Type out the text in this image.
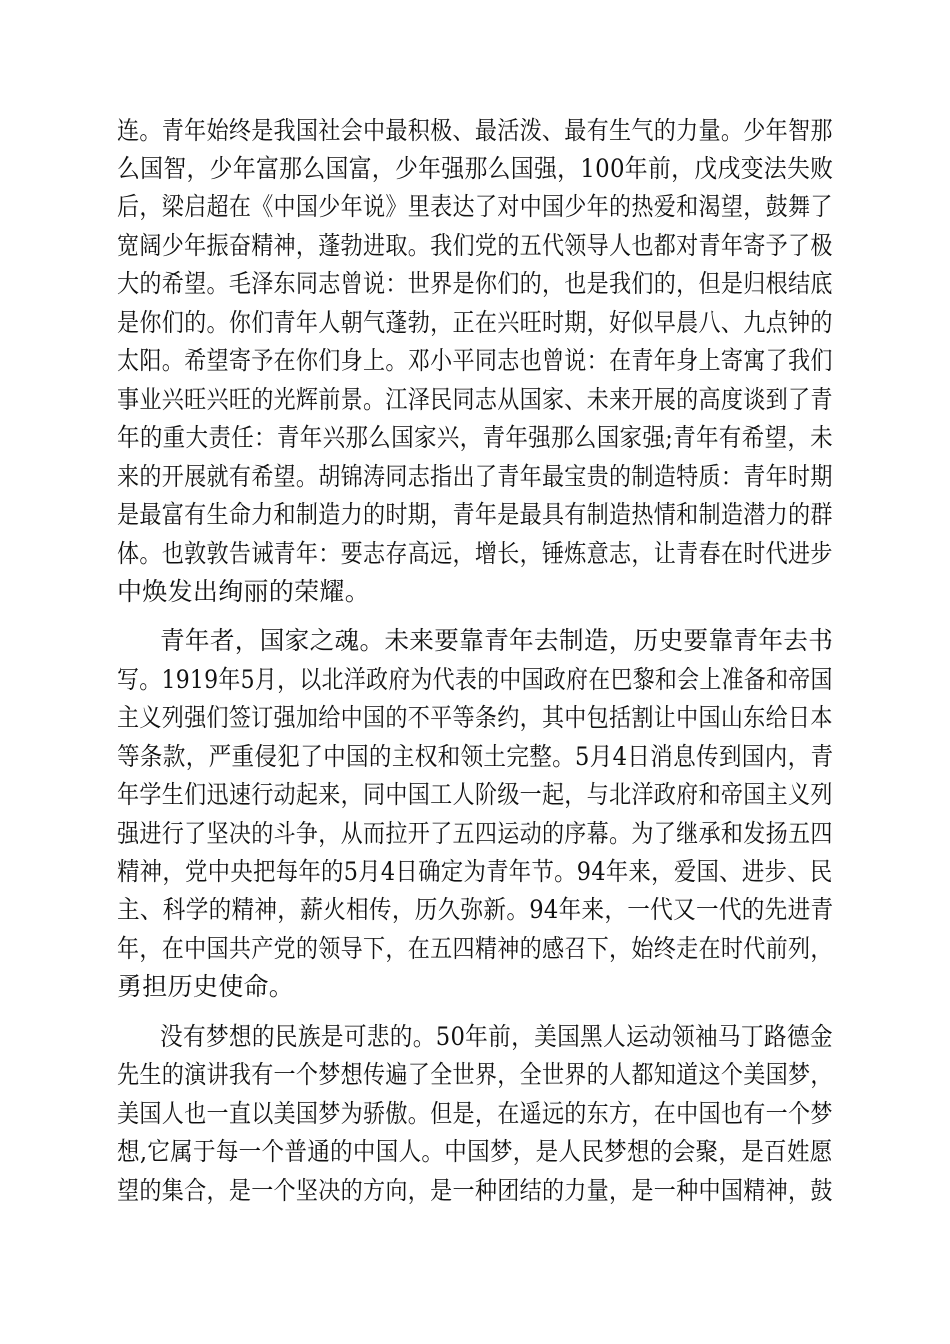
连。青年始终是我国社会中最积极、最活泼、最有生气的力量。少年智那
么国智，少年富那么国富，少年强那么国强，100年前，戊戌变法失败
后，梁启超在《中国少年说》里表达了对中国少年的热爱和渴望，鼓舞了
宽阔少年振奋精神，蓬勃进取。我们党的五代领导人也都对青年寄予了极
大的希望。毛泽东同志曾说：世界是你们的，也是我们的，但是归根结底
是你们的。你们青年人朝气蓬勃，正在兴旺时期，好似早晨八、九点钟的
太阳。希望寄予在你们身上。邓小平同志也曾说：在青年身上寄寓了我们
事业兴旺兴旺的光辉前景。江泽民同志从国家、未来开展的高度谈到了青
年的重大责任：青年兴那么国家兴，青年强那么国家强;青年有希望，未
来的开展就有希望。胡锦涛同志指出了青年最宝贵的制造特质：青年时期
是最富有生命力和制造力的时期，青年是最具有制造热情和制造潜力的群
体。也敦敦告诫青年：要志存高远，增长，锤炼意志，让青春在时代进步
中焕发出绚丽的荣耀。
青年者，国家之魂。未来要靠青年去制造，历史要靠青年去书
写。1919年5月，以北洋政府为代表的中国政府在巴黎和会上准备和帝国
主义列强们签订强加给中国的不平等条约，其中包括割让中国山东给日本
等条款，严重侵犯了中国的主权和领土完整。5月4日消息传到国内，青
年学生们迅速行动起来，同中国工人阶级一起，与北洋政府和帝国主义列
强进行了坚决的斗争，从而拉开了五四运动的序幕。为了继承和发扬五四
精神，党中央把每年的5月4日确定为青年节。94年来，爱国、进步、民
主、科学的精神，薪火相传，历久弥新。94年来，一代又一代的先进青
年，在中国共产党的领导下，在五四精神的感召下，始终走在时代前列，
勇担历史使命。
没有梦想的民族是可悲的。50年前，美国黑人运动领袖马丁路德金
先生的演讲我有一个梦想传遍了全世界，全世界的人都知道这个美国梦，
美国人也一直以美国梦为骄傲。但是，在遥远的东方，在中国也有一个梦
想,它属于每一个普通的中国人。中国梦，是人民梦想的会聚，是百姓愿
望的集合，是一个坚决的方向，是一种团结的力量，是一种中国精神，鼓
